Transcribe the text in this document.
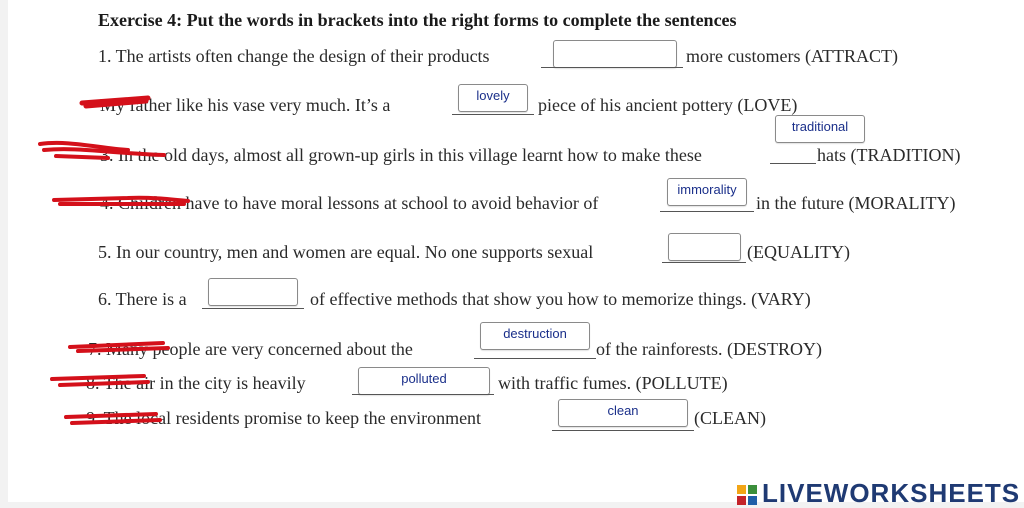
Exercise 4: Put the words in brackets into the right forms to complete the sentences
1. The artists often change the design of their products	more customers (ATTRACT)
My father like his vase very much. It’s a	lovely	piece of his ancient pottery (LOVE)
3. In the old days, almost all grown-up girls in this village learnt how to make these
traditional
hats (TRADITION)
4. Children have to have moral lessons at school to avoid behavior of
immorality
in the future (MORALITY)
5. In our country, men and women are equal. No one supports sexual	(EQUALITY)
6. There is a	of effective methods that show you how to memorize things. (VARY)
7. Many people are very concerned about the
destruction
of the rainforests. (DESTROY)
8. The air in the city is heavily	polluted	with traffic fumes. (POLLUTE)
9. The local residents promise to keep the environment	clean	(CLEAN)
LIVEWORKSHEETS
